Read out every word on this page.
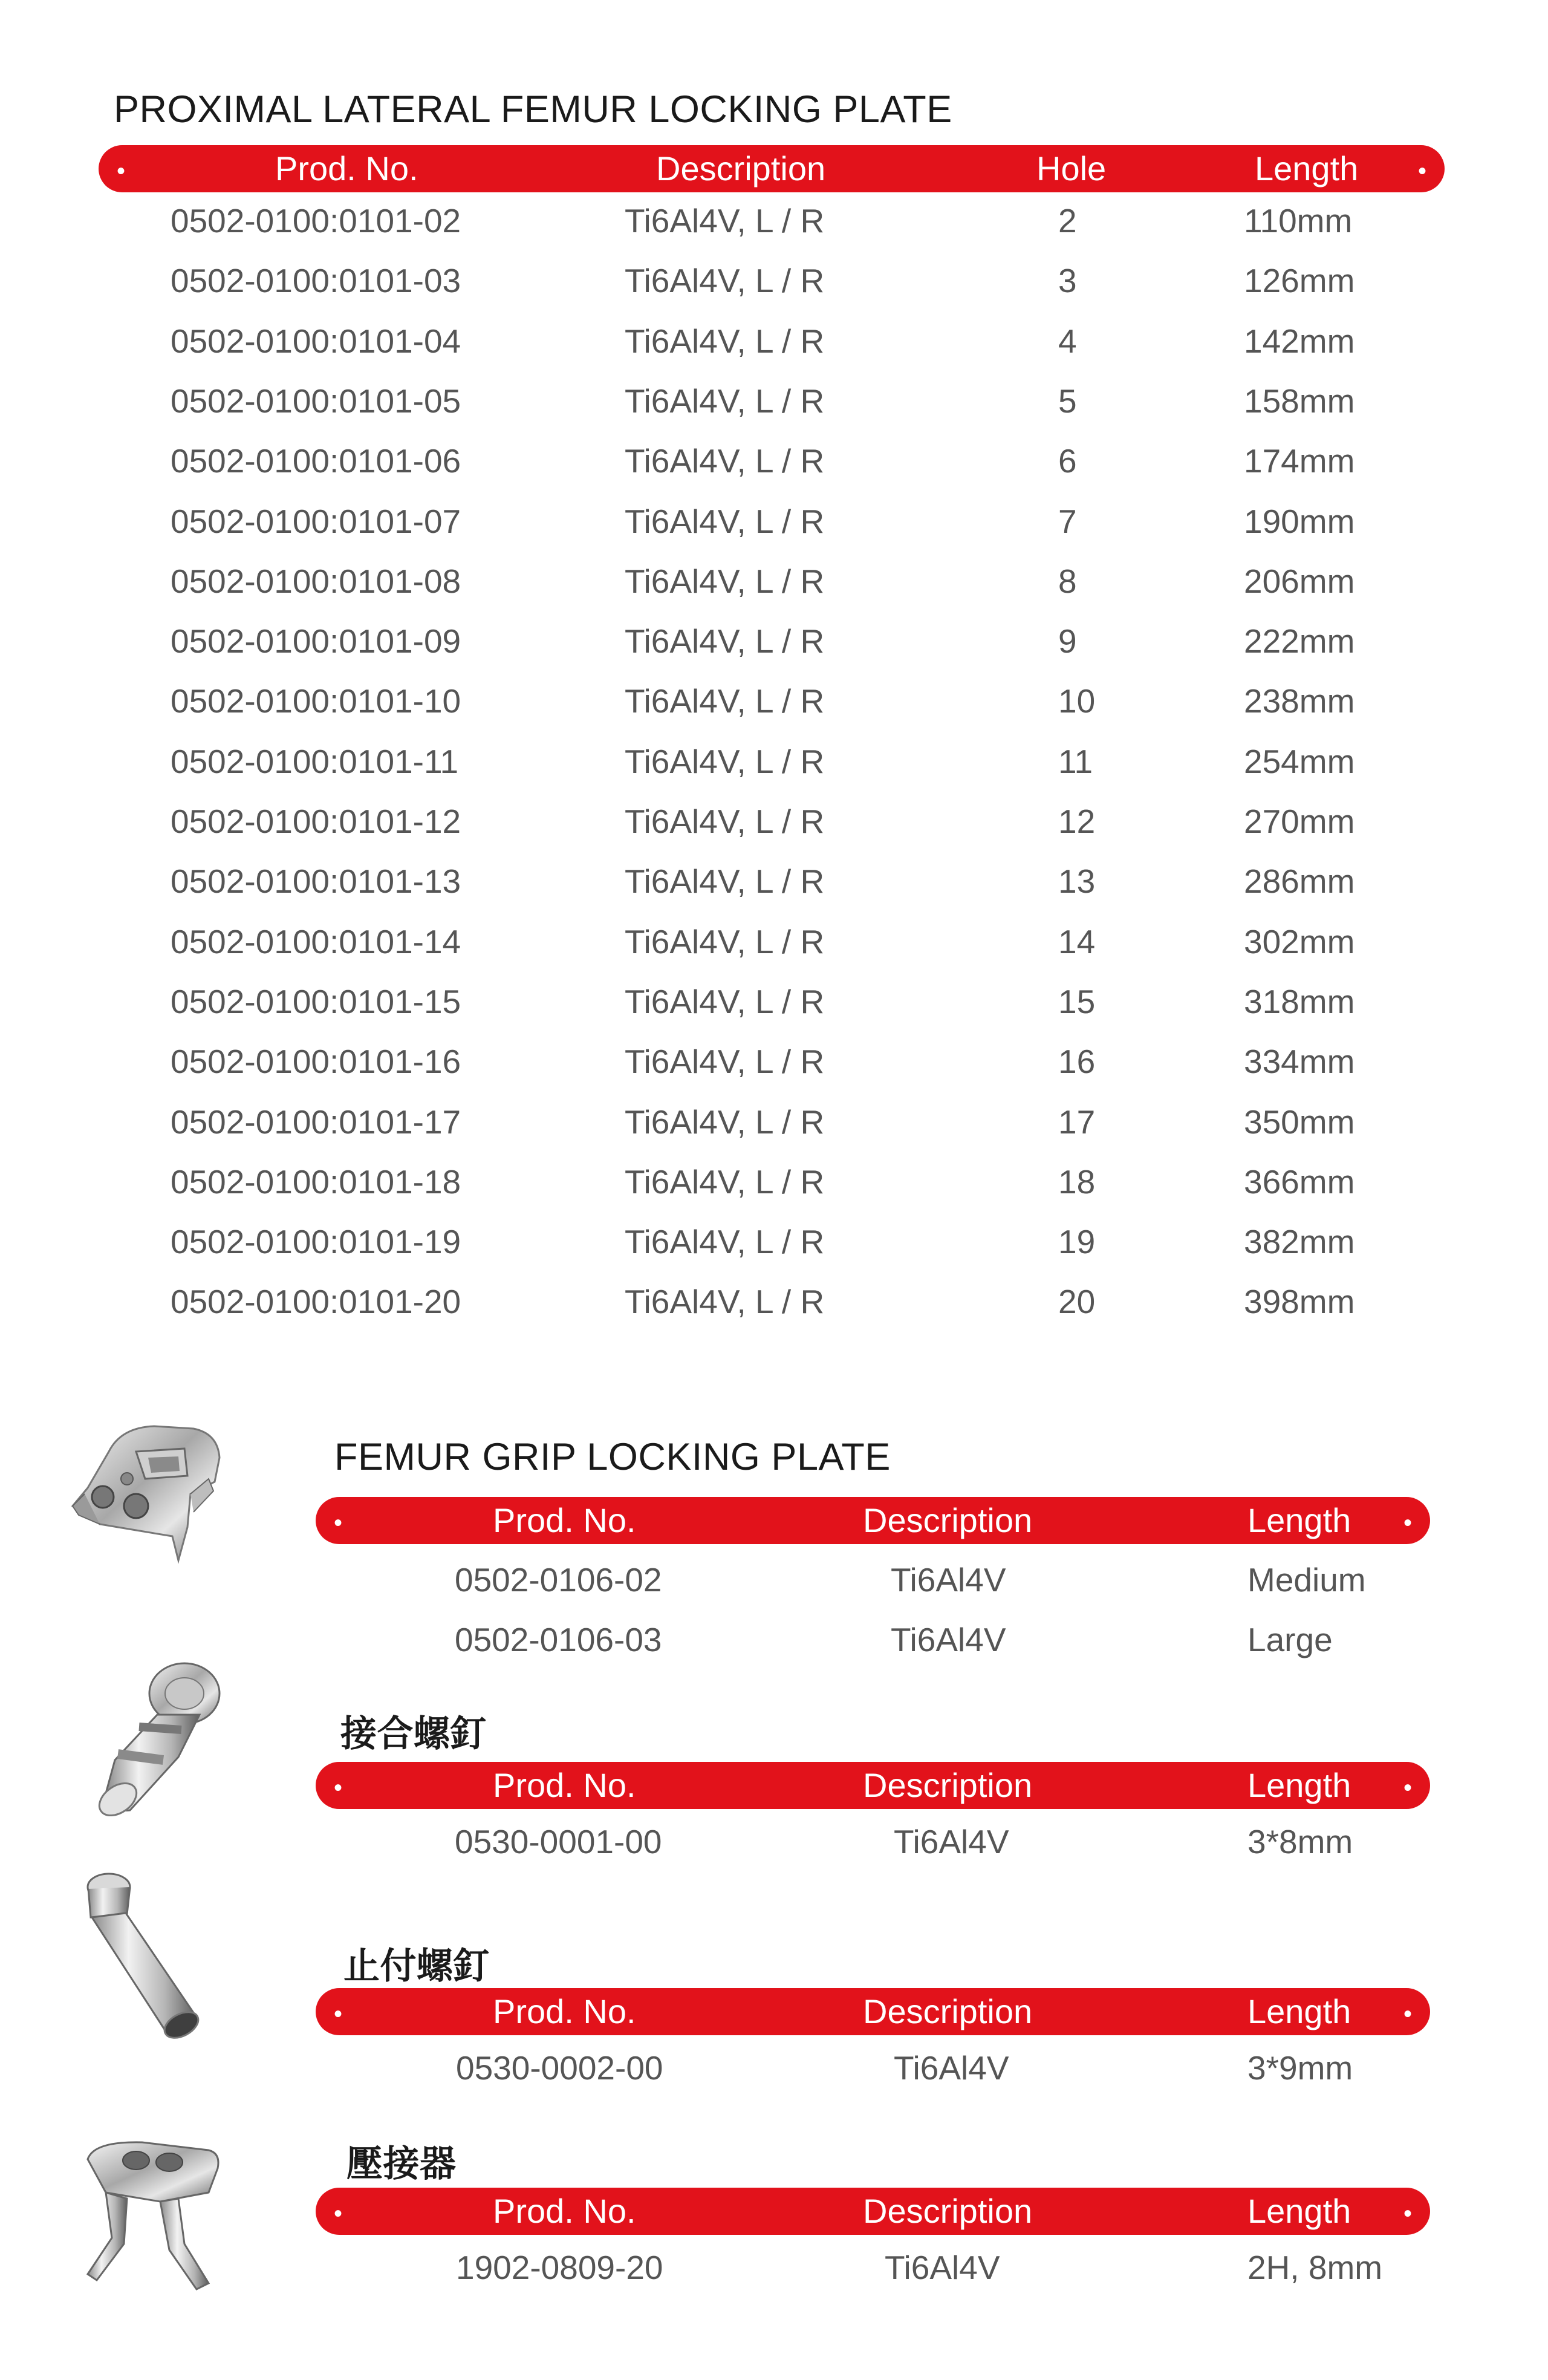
PROXIMAL LATERAL FEMUR LOCKING PLATE
•	Prod. No.	Description	Hole	Length •
0502-0100:0101-02	Ti6Al4V, L / R	2	110mm
0502-0100:0101-03	Ti6Al4V, L / R	3	126mm
0502-0100:0101-04	Ti6Al4V, L / R	4	142mm
0502-0100:0101-05	Ti6Al4V, L / R	5	158mm
0502-0100:0101-06	Ti6Al4V, L / R	6	174mm
0502-0100:0101-07	Ti6Al4V, L / R	7	190mm
0502-0100:0101-08	Ti6Al4V, L / R	8	206mm
0502-0100:0101-09	Ti6Al4V, L / R	9	222mm
0502-0100:0101-10	Ti6Al4V, L / R	10	238mm
0502-0100:0101-11	Ti6Al4V, L / R	11	254mm
0502-0100:0101-12	Ti6Al4V, L / R	12	270mm
0502-0100:0101-13	Ti6Al4V, L / R	13	286mm
0502-0100:0101-14	Ti6Al4V, L / R	14	302mm
0502-0100:0101-15	Ti6Al4V, L / R	15	318mm
0502-0100:0101-16	Ti6Al4V, L / R	16	334mm
0502-0100:0101-17	Ti6Al4V, L / R	17	350mm
0502-0100:0101-18	Ti6Al4V, L / R	18	366mm
0502-0100:0101-19	Ti6Al4V, L / R	19	382mm
0502-0100:0101-20	Ti6Al4V, L / R	20	398mm
FEMUR GRIP LOCKING PLATE
•	Prod. No.	Description	Length •
0502-0106-02	Ti6Al4V	Medium
0502-0106-03	Ti6Al4V	Large
接合螺釘
•	Prod. No.	Description	Length •
0530-0001-00	Ti6Al4V	3*8mm
止付螺釘
•	Prod. No.	Description	Length •
0530-0002-00	Ti6Al4V	3*9mm
壓接器
•	Prod. No.	Description	Length •
1902-0809-20	Ti6Al4V	2H, 8mm
